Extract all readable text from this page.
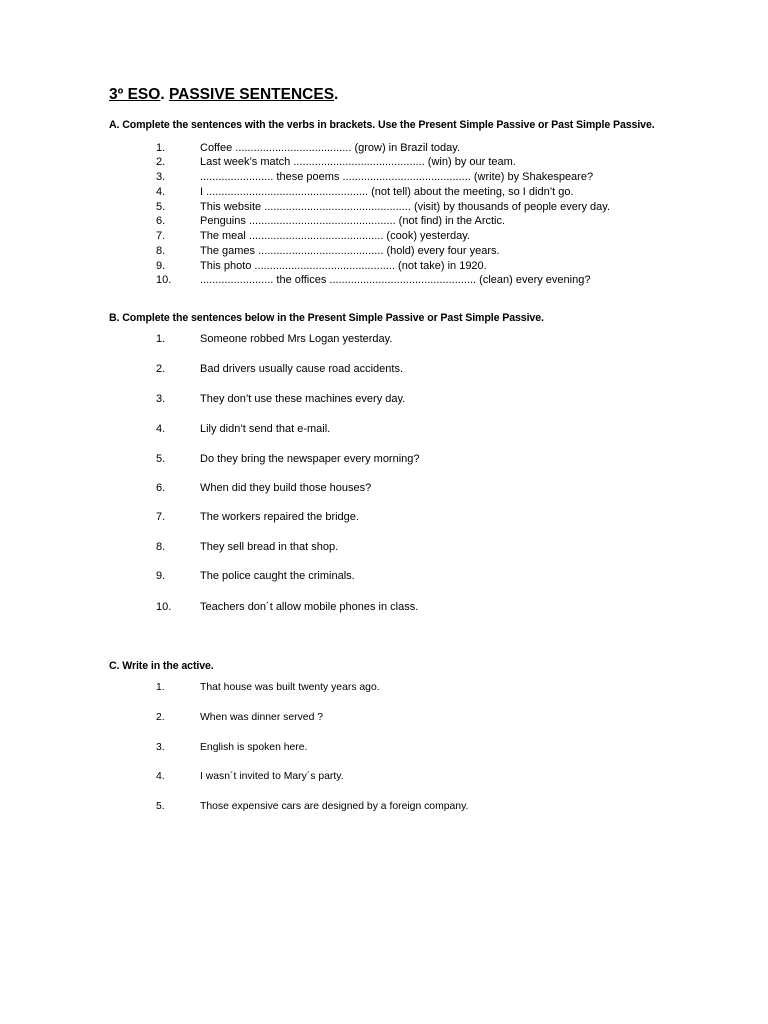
3º ESO. PASSIVE SENTENCES.
A. Complete the sentences with the verbs in brackets. Use the Present Simple Passive or Past Simple Passive.
1.	Coffee ...................................... (grow) in Brazil today.
2.	Last week’s match ........................................... (win) by our team.
3.	........................ these poems .......................................... (write) by Shakespeare?
4.	I ..................................................... (not tell) about the meeting, so I didn’t go.
5.	This website ................................................ (visit) by thousands of people every day.
6.	Penguins ................................................ (not find) in the Arctic.
7.	The meal ............................................ (cook) yesterday.
8.	The games ......................................... (hold) every four years.
9.	This photo .............................................. (not take) in 1920.
10.	........................ the offices ................................................ (clean) every evening?
B. Complete the sentences below in the Present Simple Passive or Past Simple Passive.
1.	Someone robbed Mrs Logan yesterday.
2.	Bad drivers usually cause road accidents.
3.	They don’t use these machines every day.
4.	Lily didn’t send that e-mail.
5.	Do they bring the newspaper every morning?
6.	When did they build those houses?
7.	The workers repaired the bridge.
8.	They sell bread in that shop.
9.	The police caught the criminals.
10.	Teachers don´t allow mobile phones in class.
C. Write in the active.
1.	That house was built twenty years ago.
2.	When was dinner served ?
3.	English is spoken here.
4.	I wasn´t invited to Mary´s party.
5.	Those expensive cars are designed by a foreign company.
